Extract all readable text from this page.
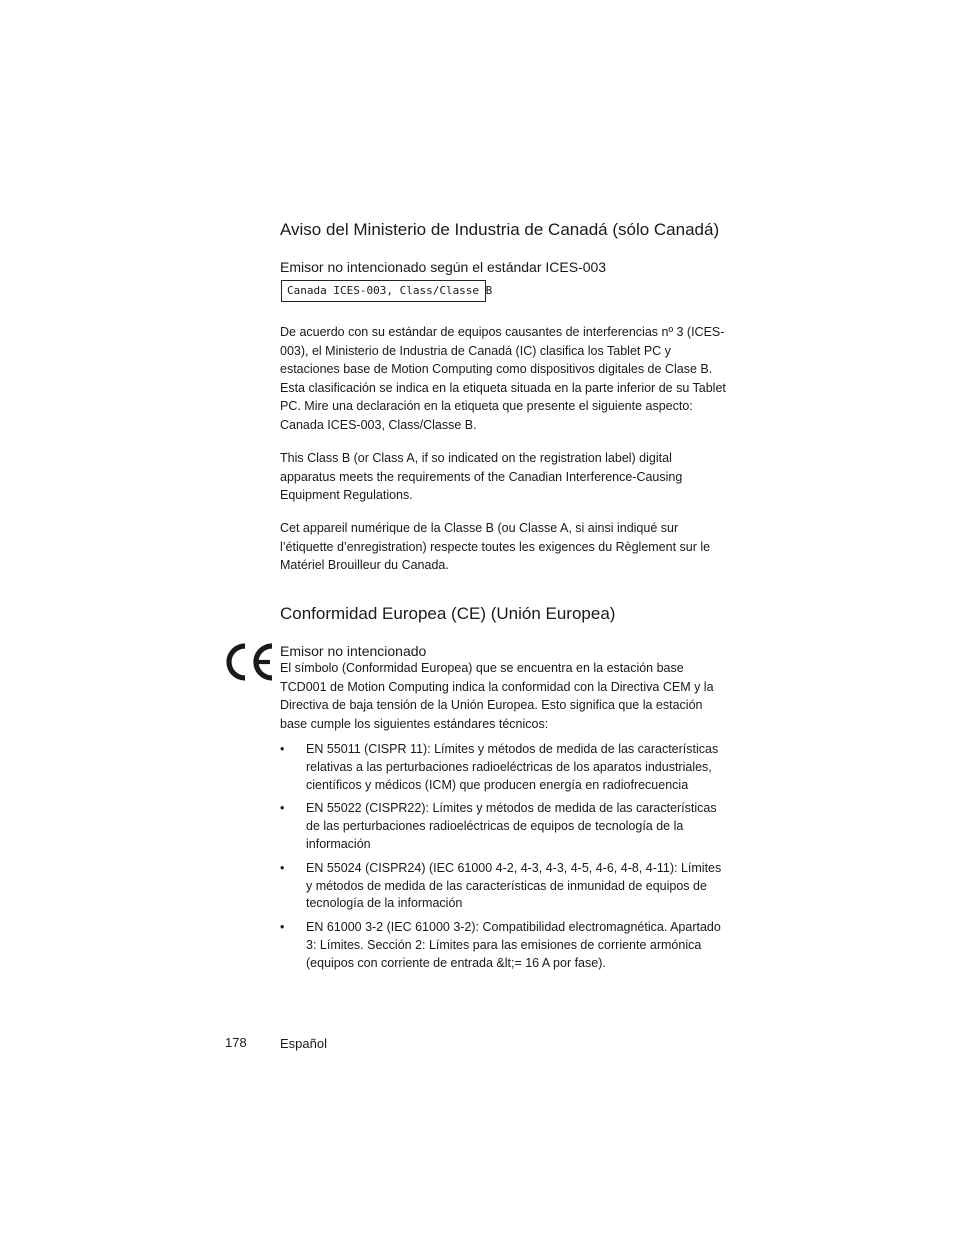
Aviso del Ministerio de Industria de Canadá (sólo Canadá)
Emisor no intencionado según el estándar ICES-003
Canada ICES-003, Class/Classe B
De acuerdo con su estándar de equipos causantes de interferencias nº 3 (ICES-003), el Ministerio de Industria de Canadá (IC) clasifica los Tablet PC y estaciones base de Motion Computing como dispositivos digitales de Clase B. Esta clasificación se indica en la etiqueta situada en la parte inferior de su Tablet PC. Mire una declaración en la etiqueta que presente el siguiente aspecto: Canada ICES-003, Class/Classe B.
This Class B (or Class A, if so indicated on the registration label) digital apparatus meets the requirements of the Canadian Interference-Causing Equipment Regulations.
Cet appareil numérique de la Classe B (ou Classe A, si ainsi indiqué sur l’étiquette d’enregistration) respecte toutes les exigences du Règlement sur le Matériel Brouilleur du Canada.
Conformidad Europea (CE) (Unión Europea)
Emisor no intencionado
El símbolo (Conformidad Europea) que se encuentra en la estación base TCD001 de Motion Computing indica la conformidad con la Directiva CEM y la Directiva de baja tensión de la Unión Europea. Esto significa que la estación base cumple los siguientes estándares técnicos:
• EN 55011 (CISPR 11): Límites y métodos de medida de las características relativas a las perturbaciones radioeléctricas de los aparatos industriales, científicos y médicos (ICM) que producen energía en radiofrecuencia
• EN 55022 (CISPR22): Límites y métodos de medida de las características de las perturbaciones radioeléctricas de equipos de tecnología de la información
• EN 55024 (CISPR24) (IEC 61000 4-2, 4-3, 4-3, 4-5, 4-6, 4-8, 4-11): Límites y métodos de medida de las características de inmunidad de equipos de tecnología de la información
• EN 61000 3-2 (IEC 61000 3-2): Compatibilidad electromagnética. Apartado 3: Límites. Sección 2: Límites para las emisiones de corriente armónica (equipos con corriente de entrada &lt;= 16 A por fase).
178	Español
